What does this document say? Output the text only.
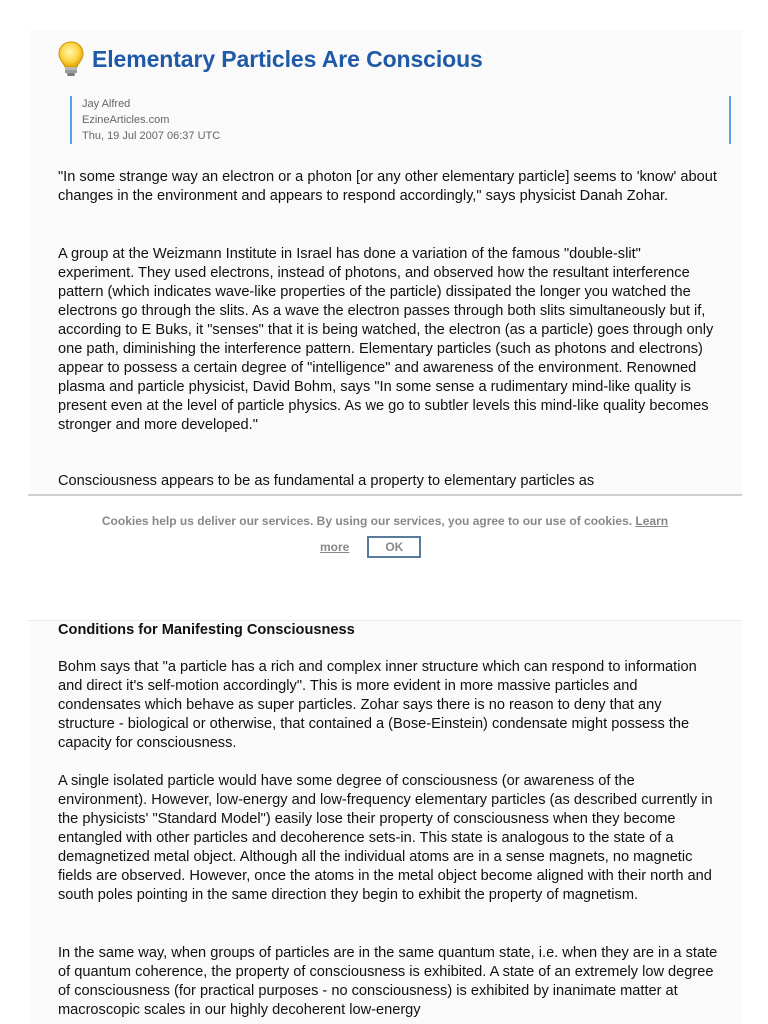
Elementary Particles Are Conscious
Jay Alfred
EzineArticles.com
Thu, 19 Jul 2007 06:37 UTC

"In some strange way an electron or a photon [or any other elementary particle] seems to 'know' about changes in the environment and appears to respond accordingly," says physicist Danah Zohar.

A group at the Weizmann Institute in Israel has done a variation of the famous "double-slit" experiment. They used electrons, instead of photons, and observed how the resultant interference pattern (which indicates wave-like properties of the particle) dissipated the longer you watched the electrons go through the slits. As a wave the electron passes through both slits simultaneously but if, according to E Buks, it "senses" that it is being watched, the electron (as a particle) goes through only one path, diminishing the interference pattern. Elementary particles (such as photons and electrons) appear to possess a certain degree of "intelligence" and awareness of the environment. Renowned plasma and particle physicist, David Bohm, says "In some sense a rudimentary mind-like quality is present even at the level of particle physics. As we go to subtler levels this mind-like quality becomes stronger and more developed."

Consciousness appears to be as fundamental a property to elementary particles as

Cookies help us deliver our services. By using our services, you agree to our use of cookies. Learn
more	OK
Conditions for Manifesting Consciousness

Bohm says that "a particle has a rich and complex inner structure which can respond to information and direct it's self-motion accordingly". This is more evident in more massive particles and condensates which behave as super particles. Zohar says there is no reason to deny that any structure - biological or otherwise, that contained a (Bose-Einstein) condensate might possess the capacity for consciousness.

A single isolated particle would have some degree of consciousness (or awareness of the environment). However, low-energy and low-frequency elementary particles (as described currently in the physicists' "Standard Model") easily lose their property of consciousness when they become entangled with other particles and decoherence sets-in. This state is analogous to the state of a demagnetized metal object. Although all the individual atoms are in a sense magnets, no magnetic fields are observed. However, once the atoms in the metal object become aligned with their north and south poles pointing in the same direction they begin to exhibit the property of magnetism.

In the same way, when groups of particles are in the same quantum state, i.e. when they are in a state of quantum coherence, the property of consciousness is exhibited. A state of an extremely low degree of consciousness (for practical purposes - no consciousness) is exhibited by inanimate matter at macroscopic scales in our highly decoherent low-energy
